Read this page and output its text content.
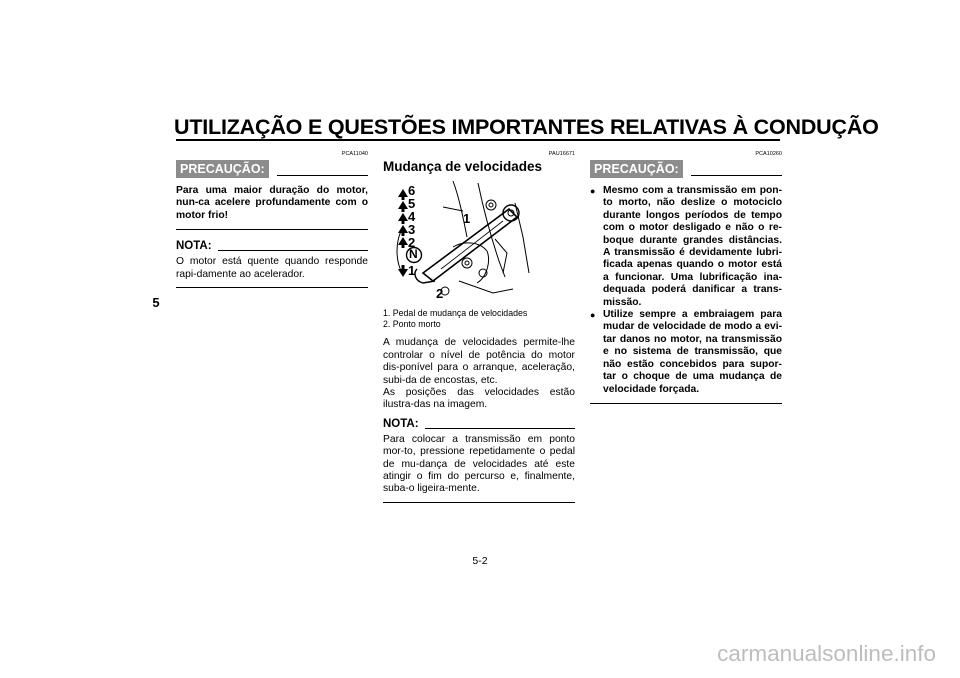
UTILIZAÇÃO E QUESTÕES IMPORTANTES RELATIVAS À CONDUÇÃO
5
PCA11040
PRECAUÇÃO:
Para uma maior duração do motor, nun-ca acelere profundamente com o motor frio!
NOTA:
O motor está quente quando responde rapi-damente ao acelerador.
PAU16671
Mudança de velocidades
6
5
4
3
2
N
1
1
2
1. Pedal de mudança de velocidades
2. Ponto morto
A mudança de velocidades permite-lhe controlar o nível de potência do motor dis-ponível para o arranque, aceleração, subi-da de encostas, etc.
As posições das velocidades estão ilustra-das na imagem.
NOTA:
Para colocar a transmissão em ponto mor-to, pressione repetidamente o pedal de mu-dança de velocidades até este atingir o fim do percurso e, finalmente, suba-o ligeira-mente.
PCA10260
PRECAUÇÃO:
● Mesmo com a transmissão em pon-to morto, não deslize o motociclo durante longos períodos de tempo com o motor desligado e não o re-boque durante grandes distâncias. A transmissão é devidamente lubri-ficada apenas quando o motor está a funcionar. Uma lubrificação ina-dequada poderá danificar a trans-missão.
● Utilize sempre a embraiagem para mudar de velocidade de modo a evi-tar danos no motor, na transmissão e no sistema de transmissão, que não estão concebidos para supor-tar o choque de uma mudança de velocidade forçada.
5-2
carmanualsonline.info
